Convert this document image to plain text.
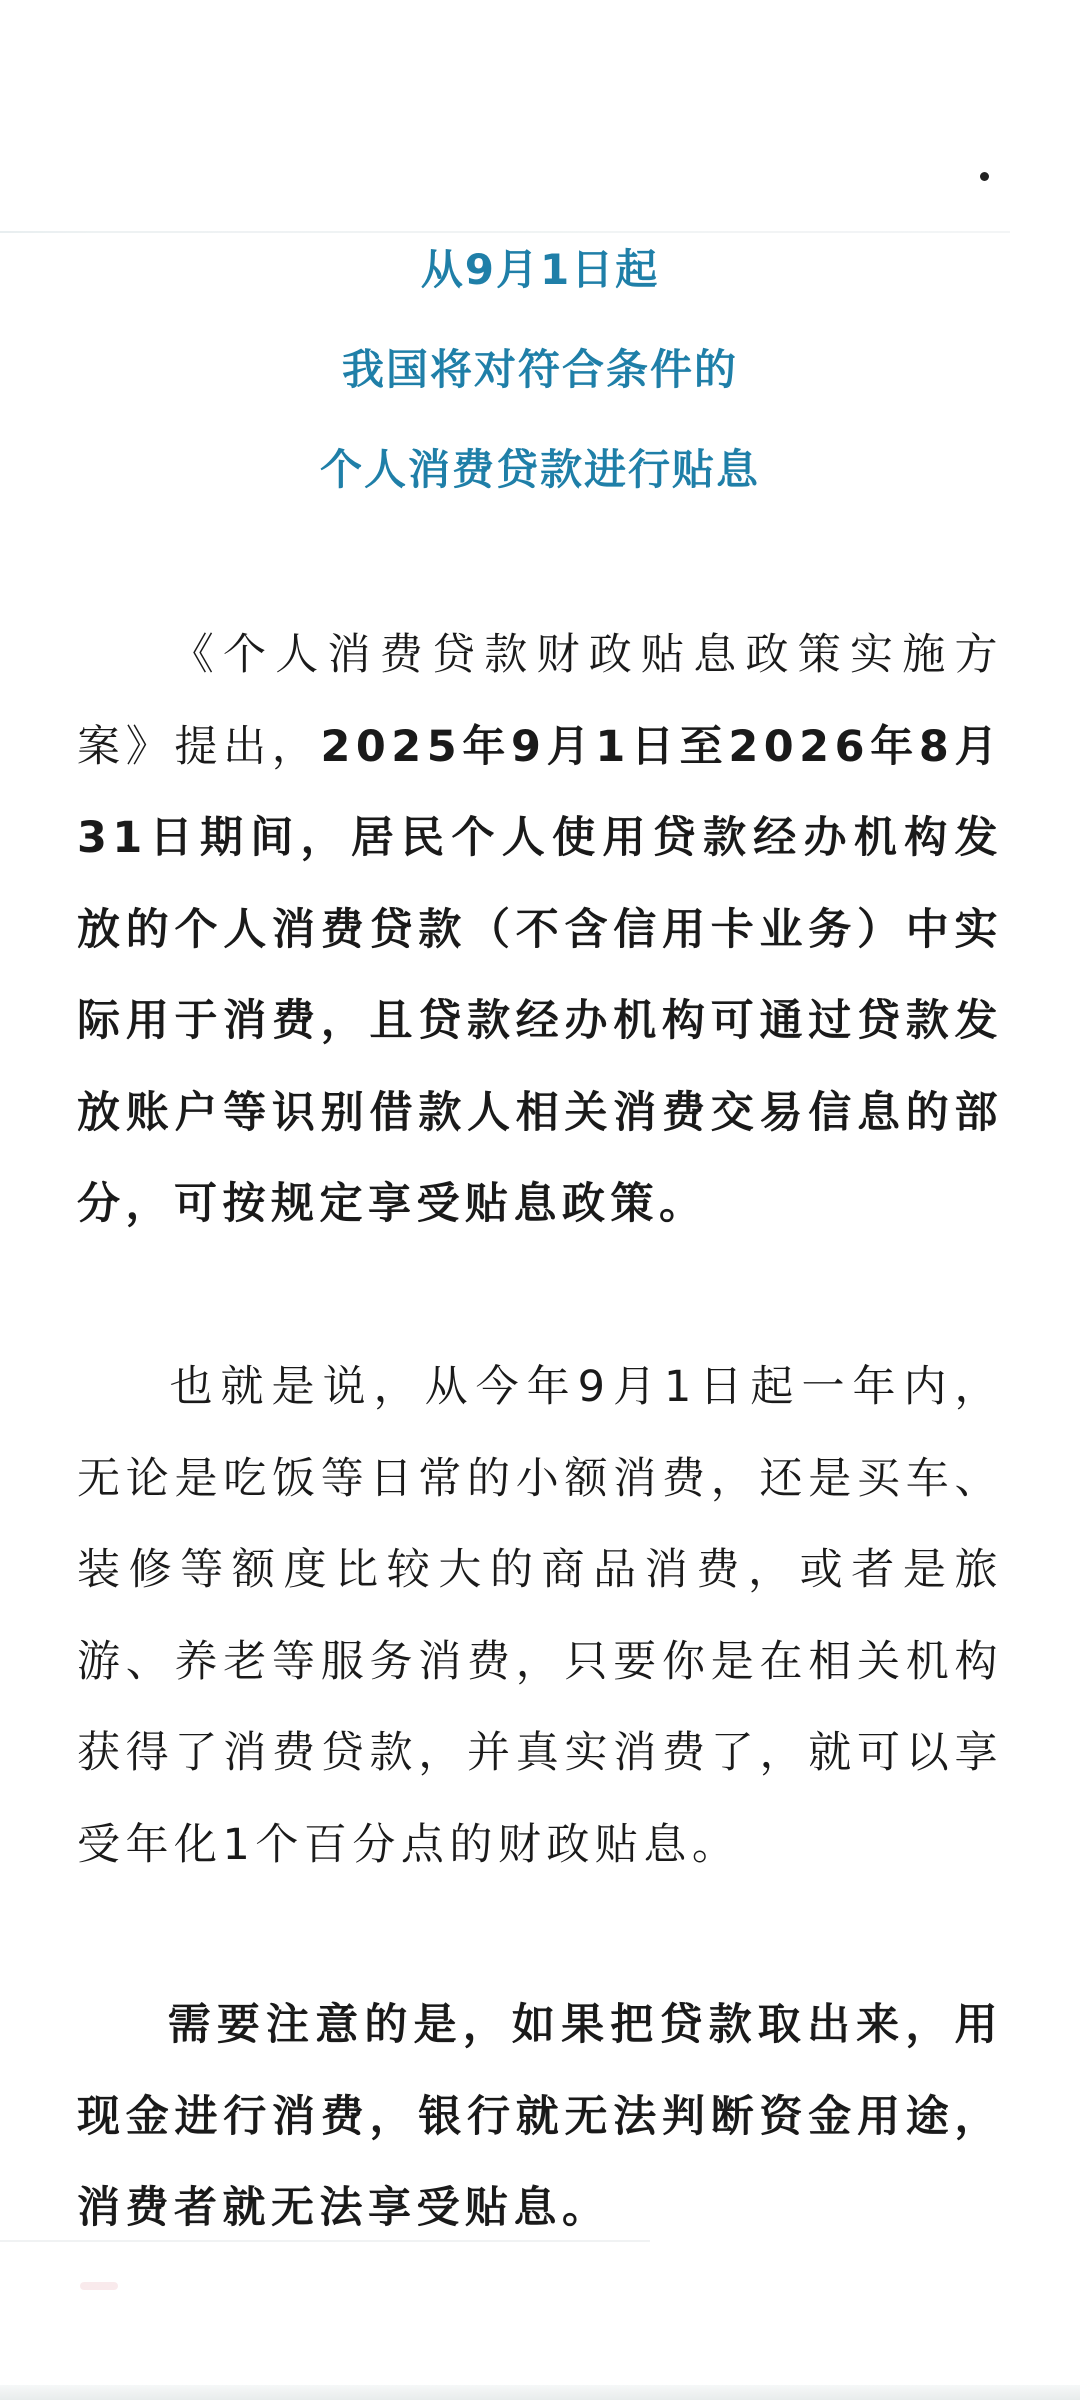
从9月1日起
我国将对符合条件的
个人消费贷款进行贴息

《个人消费贷款财政贴息政策实施方案》提出，2025年9月1日至2026年8月31日期间，居民个人使用贷款经办机构发放的个人消费贷款（不含信用卡业务）中实际用于消费，且贷款经办机构可通过贷款发放账户等识别借款人相关消费交易信息的部分，可按规定享受贴息政策。

也就是说，从今年9月1日起一年内，无论是吃饭等日常的小额消费，还是买车、装修等额度比较大的商品消费，或者是旅游、养老等服务消费，只要你是在相关机构获得了消费贷款，并真实消费了，就可以享受年化1个百分点的财政贴息。

需要注意的是，如果把贷款取出来，用现金进行消费，银行就无法判断资金用途，消费者就无法享受贴息。
